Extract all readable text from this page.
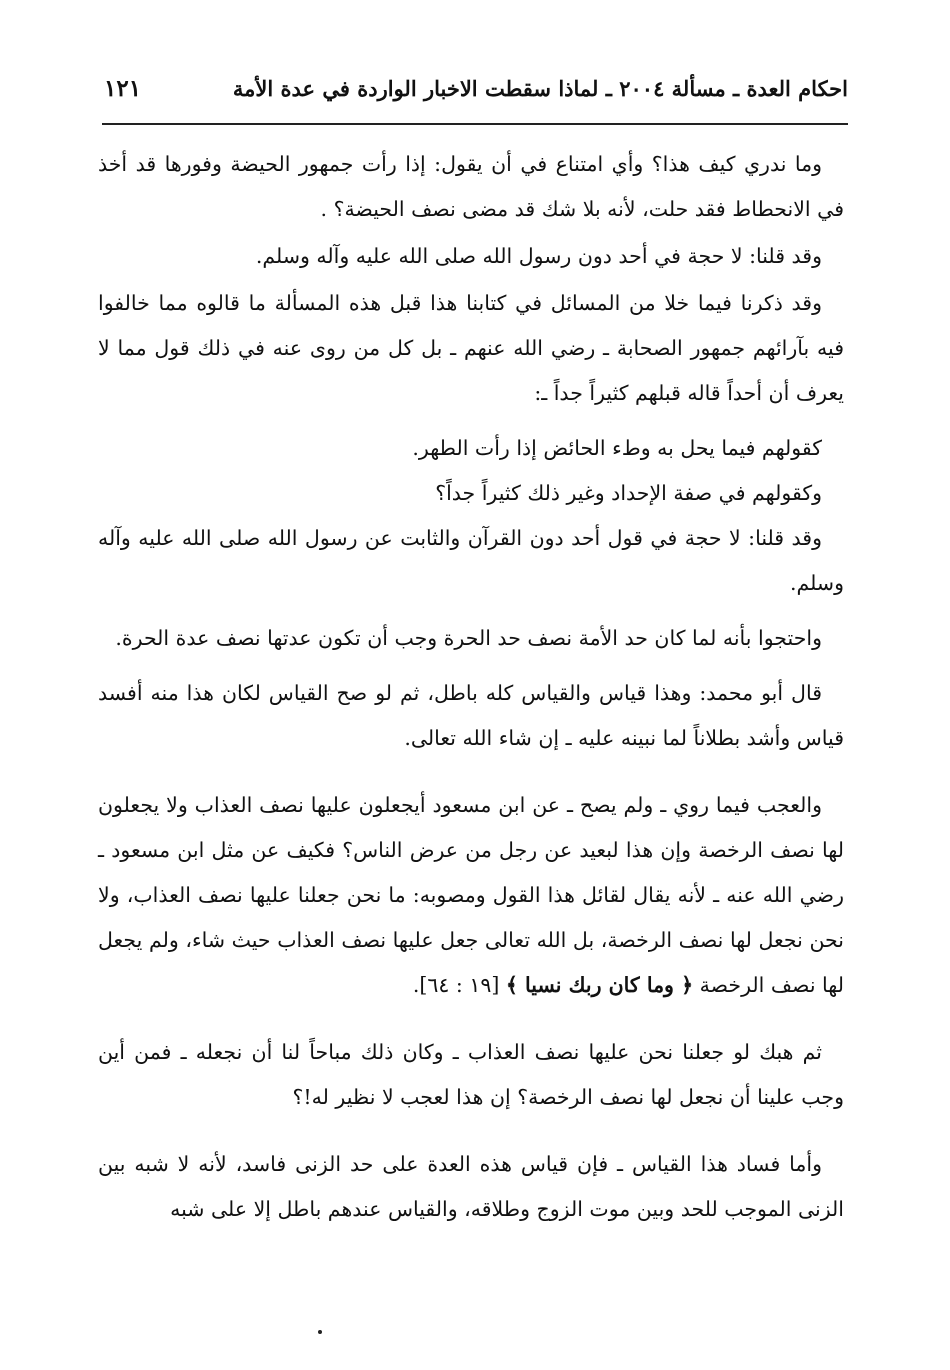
احكام العدة ـ مسألة ٢٠٠٤ ـ لماذا سقطت الاخبار الواردة في عدة الأمة
١٢١

وما ندري كيف هذا؟ وأي امتناع في أن يقول: إذا رأت جمهور الحيضة وفورها قد أخذ في الانحطاط فقد حلت، لأنه بلا شك قد مضى نصف الحيضة؟ .

وقد قلنا: لا حجة في أحد دون رسول الله صلى الله عليه وآله وسلم.

وقد ذكرنا فيما خلا من المسائل في كتابنا هذا قبل هذه المسألة ما قالوه مما خالفوا فيه بآرائهم جمهور الصحابة ـ رضي الله عنهم ـ بل كل من روى عنه في ذلك قول مما لا يعرف أن أحداً قاله قبلهم كثيراً جداً ـ:

كقولهم فيما يحل به وطء الحائض إذا رأت الطهر.

وكقولهم في صفة الإحداد وغير ذلك كثيراً جداً؟

وقد قلنا: لا حجة في قول أحد دون القرآن والثابت عن رسول الله صلى الله عليه وآله وسلم.

واحتجوا بأنه لما كان حد الأمة نصف حد الحرة وجب أن تكون عدتها نصف عدة الحرة.

قال أبو محمد: وهذا قياس والقياس كله باطل، ثم لو صح القياس لكان هذا منه أفسد قياس وأشد بطلاناً لما نبينه عليه ـ إن شاء الله تعالى.

والعجب فيما روي ـ ولم يصح ـ عن ابن مسعود أيجعلون عليها نصف العذاب ولا يجعلون لها نصف الرخصة وإن هذا لبعيد عن رجل من عرض الناس؟ فكيف عن مثل ابن مسعود ـ رضي الله عنه ـ لأنه يقال لقائل هذا القول ومصوبه: ما نحن جعلنا عليها نصف العذاب، ولا نحن نجعل لها نصف الرخصة، بل الله تعالى جعل عليها نصف العذاب حيث شاء، ولم يجعل لها نصف الرخصة ﴿ وما كان ربك نسيا ﴾ [١٩ : ٦٤].

ثم هبك لو جعلنا نحن عليها نصف العذاب ـ وكان ذلك مباحاً لنا أن نجعله ـ فمن أين وجب علينا أن نجعل لها نصف الرخصة؟ إن هذا لعجب لا نظير له!؟

وأما فساد هذا القياس ـ فإن قياس هذه العدة على حد الزنى فاسد، لأنه لا شبه بين الزنى الموجب للحد وبين موت الزوج وطلاقه، والقياس عندهم باطل إلا على شبه
